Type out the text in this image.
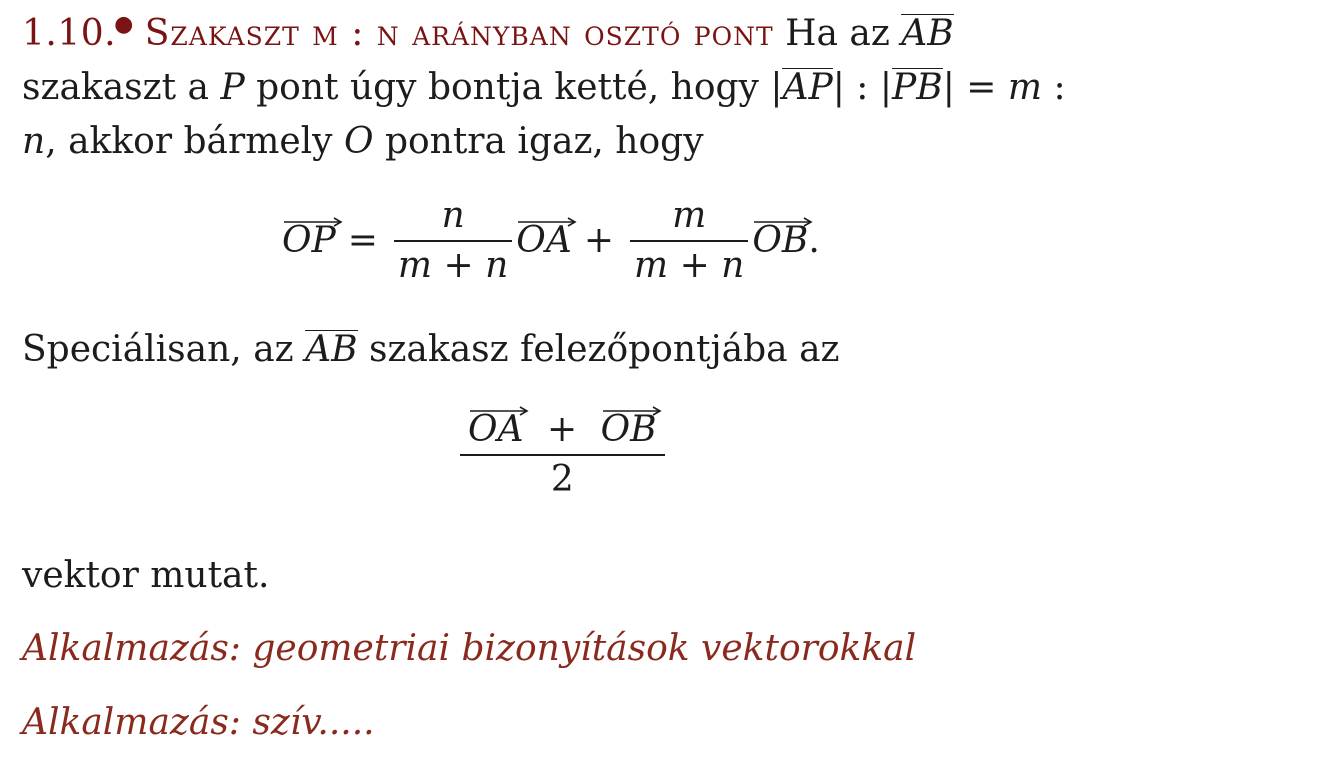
1.10.● Szakaszt m : n arányban osztó pont Ha az AB
szakaszt a P pont úgy bontja ketté, hogy |AP| : |PB| = m :
n, akkor bármely O pontra igaz, hogy
OP = $\frac{n}{m + n}$ OA + $\frac{m}{m + n}$ OB .
Speciálisan, az AB szakasz felezőpontjába az
$\frac{OA + OB}{2}$
vektor mutat.
Alkalmazás: geometriai bizonyítások vektorokkal
Alkalmazás: szív.....
